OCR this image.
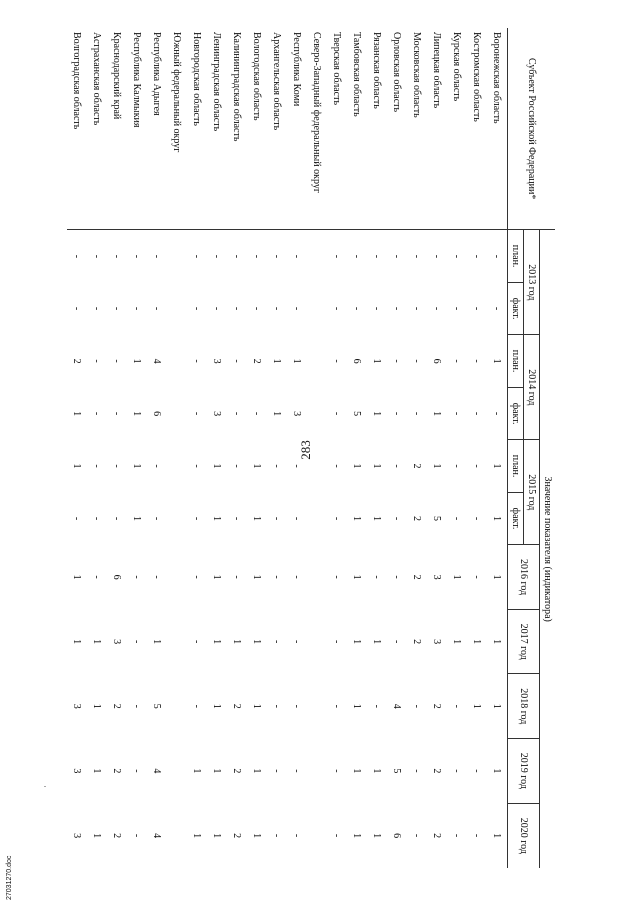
283
.
27031270.doc
Субъект Российской Федерации*	Значение показателя (индикатора)										
	2013 год		2014 год		2015 год		2016 год	2017 год	2018 год	2019 год	2020 год
	план.	факт.	план.	факт.	план.	факт.					
Воронежская область	-	-	1	-	1	1	1	1	1	1	1
Костромская область	-	-	-	-	-	-	-	1	1	-	-
Курская область	-	-	-	-	-	-	1	1	-	-	-
Липецкая область	-	-	6	1	1	5	3	3	2	2	2
Московская область	-	-	-	-	2	2	2	2	-	-	-
Орловская область	-	-	-	-	-	-	-	-	4	5	6
Рязанская область	-	-	1	1	1	1	-	1	-	1	1
Тамбовская область	-	-	6	5	1	1	1	1	1	1	1
Тверская область	-	-	-	-	-	-	-	-	-	-	-
Северо-Западный федеральный округ											
Республика Коми	-	-	1	3	-	-	-	-	-	-	-
Архангельская область	-	-	1	1	-	-	-	-	-	-	-
Вологодская область	-	-	2	-	1	1	1	1	1	1	1
Калининградская область	-	-	-	-	-	-	-	1	2	2	2
Ленинградская область	-	-	3	3	1	1	1	1	1	1	1
Новгородская область	-	-	-	-	-	-	-	-	-	1	1
Южный федеральный округ											
Республика Адыгея	-	-	4	6	-	-	-	1	5	4	4
Республика Калмыкия	-	-	1	1	1	1	-	-	-	-	-
Краснодарский край	-	-	-	-	-	-	6	3	2	2	2
Астраханская область	-	-	-	-	-	-	-	1	1	1	1
Волгоградская область	-	-	2	1	1	-	1	1	3	3	3
